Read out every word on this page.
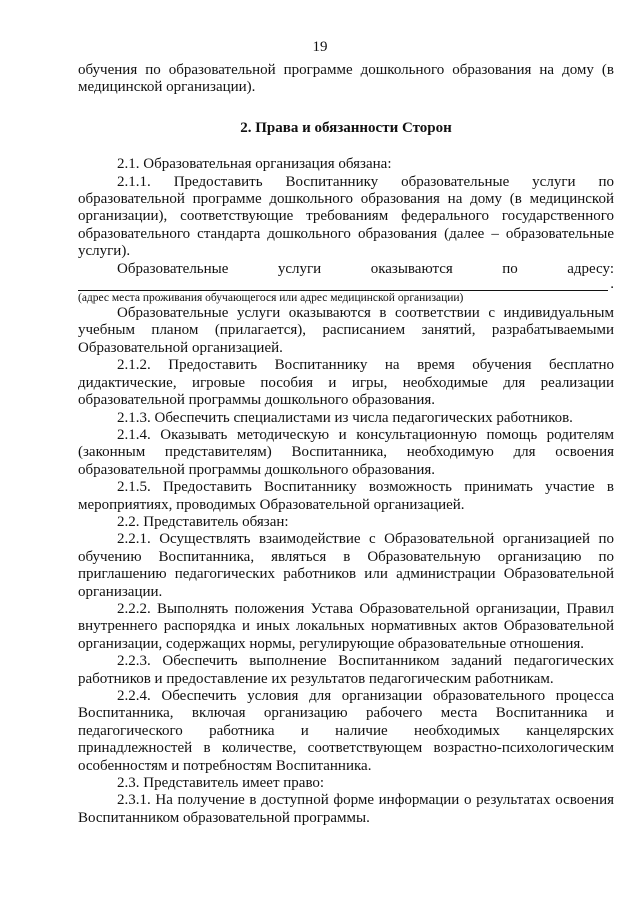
19

обучения по образовательной программе дошкольного образования на дому (в медицинской организации).

2. Права и обязанности Сторон

2.1. Образовательная организация обязана:

2.1.1. Предоставить Воспитаннику образовательные услуги по образовательной программе дошкольного образования на дому (в медицинской организации), соответствующие требованиям федерального государственного образовательного стандарта дошкольного образования (далее – образовательные услуги).

Образовательные	услуги	оказываются	по	адресу:
.

(адрес места проживания обучающегося или адрес медицинской организации)

Образовательные услуги оказываются в соответствии с индивидуальным учебным планом (прилагается), расписанием занятий, разрабатываемыми Образовательной организацией.

2.1.2. Предоставить Воспитаннику на время обучения бесплатно дидактические, игровые пособия и игры, необходимые для реализации образовательной программы дошкольного образования.

2.1.3. Обеспечить специалистами из числа педагогических работников.

2.1.4. Оказывать методическую и консультационную помощь родителям (законным представителям) Воспитанника, необходимую для освоения образовательной программы дошкольного образования.

2.1.5. Предоставить Воспитаннику возможность принимать участие в мероприятиях, проводимых Образовательной организацией.

2.2. Представитель обязан:

2.2.1. Осуществлять взаимодействие с Образовательной организацией по обучению Воспитанника, являться в Образовательную организацию по приглашению педагогических работников или администрации Образовательной организации.

2.2.2. Выполнять положения Устава Образовательной организации, Правил внутреннего распорядка и иных локальных нормативных актов Образовательной организации, содержащих нормы, регулирующие образовательные отношения.

2.2.3. Обеспечить выполнение Воспитанником заданий педагогических работников и предоставление их результатов педагогическим работникам.

2.2.4. Обеспечить условия для организации образовательного процесса Воспитанника, включая организацию рабочего места Воспитанника и педагогического работника и наличие необходимых канцелярских принадлежностей в количестве, соответствующем возрастно-психологическим особенностям и потребностям Воспитанника.

2.3. Представитель имеет право:

2.3.1. На получение в доступной форме информации о результатах освоения Воспитанником образовательной программы.
